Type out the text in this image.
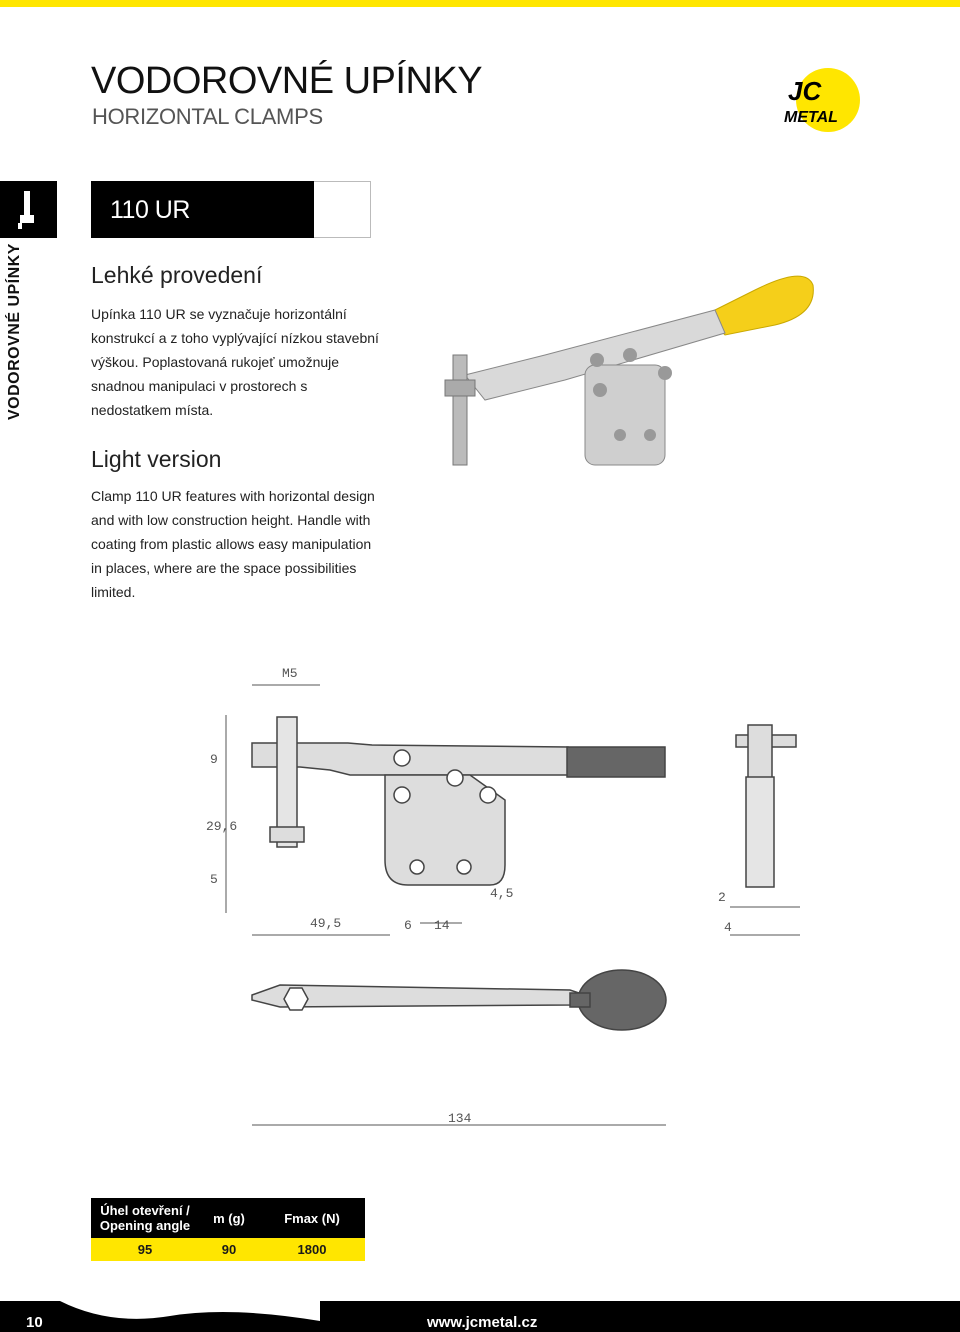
VODOROVNÉ UPÍNKY
HORIZONTAL CLAMPS
JC
METAL
VODOROVNÉ UPÍNKY
110 UR
Lehké provedení
Upínka 110 UR se vyznačuje horizontální konstrukcí a z toho vyplývající nízkou stavební výškou. Poplastovaná rukojeť umožnuje snadnou manipulaci v prostorech s nedostatkem místa.
Light version
Clamp 110 UR features with horizontal design and with low construction height. Handle with coating from plastic allows easy manipulation in places, where are the space possibilities limited.
M5
9
29,6
5
49,5	6 14
4,5	2
4
134
Úhel otevření / Opening angle	m (g)	Fmax (N)
95	90	1800
10	www.jcmetal.cz
